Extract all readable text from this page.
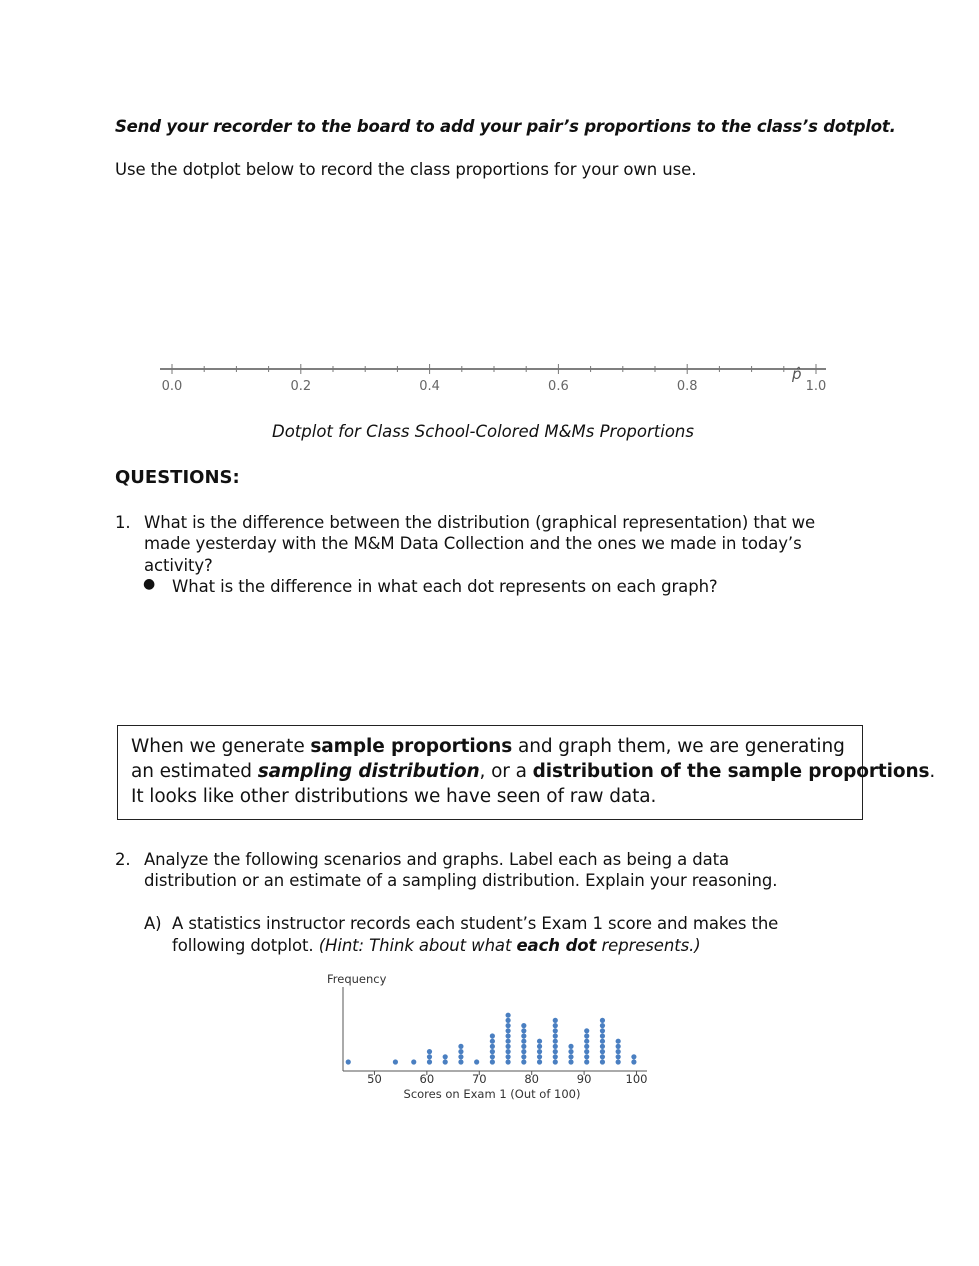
Send your recorder to the board to add your pair’s proportions to the class’s dotplot.
Use the dotplot below to record the class proportions for your own use.
0.0	0.2	0.4	0.6	0.8	1.0
p̂
Dotplot for Class School-Colored M&Ms Proportions
QUESTIONS:
1. What is the difference between the distribution (graphical representation) that we
made yesterday with the M&M Data Collection and the ones we made in today’s
activity?
● What is the difference in what each dot represents on each graph?
When we generate sample proportions and graph them, we are generating
an estimated sampling distribution, or a distribution of the sample proportions.
It looks like other distributions we have seen of raw data.
2. Analyze the following scenarios and graphs. Label each as being a data
distribution or an estimate of a sampling distribution. Explain your reasoning.
A) A statistics instructor records each student’s Exam 1 score and makes the
following dotplot. (Hint: Think about what each dot represents.)
Frequency
50	60	70	80	90	100
Scores on Exam 1 (Out of 100)
